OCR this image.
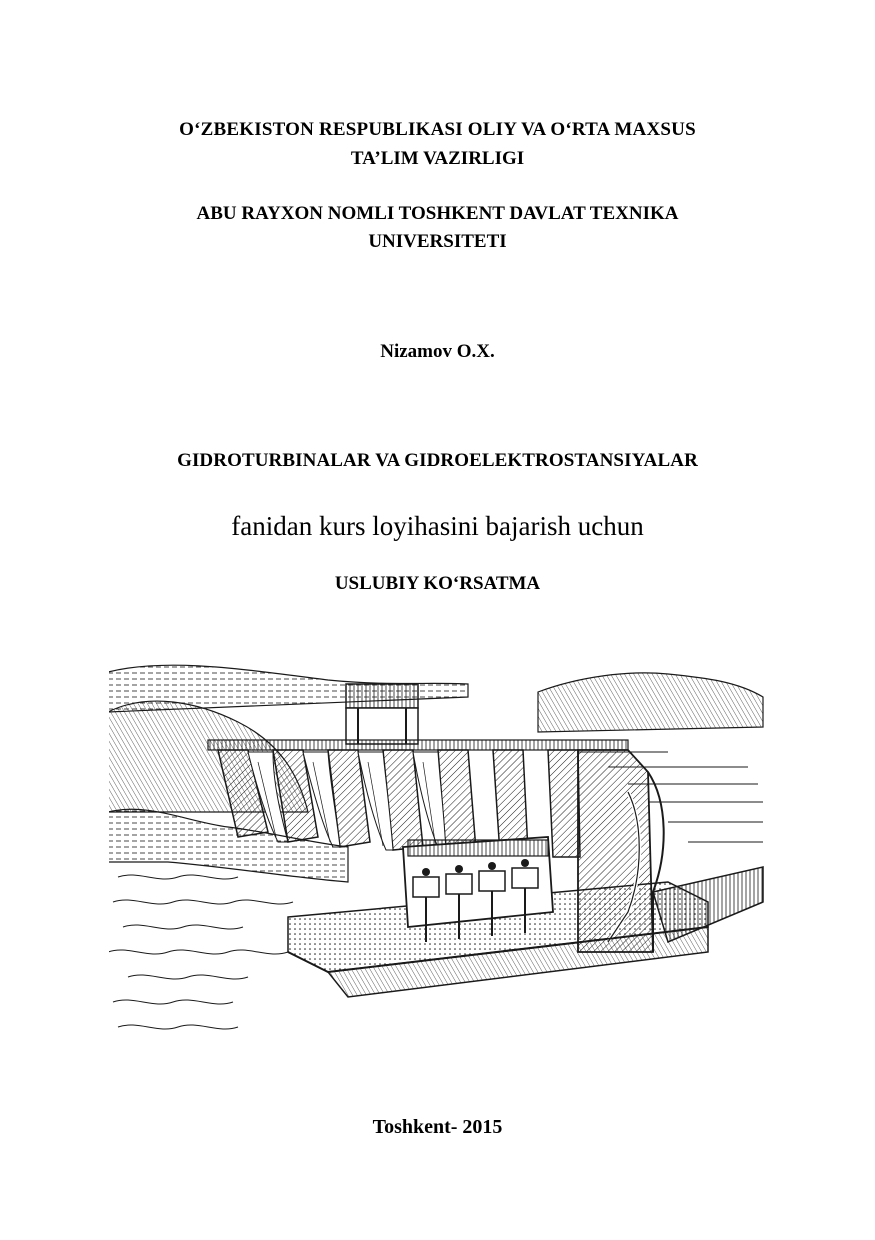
O‘ZBEKISTON RESPUBLIKASI OLIY VA O‘RTA MAXSUS
TA’LIM VAZIRLIGI
ABU RAYXON NOMLI TOSHKENT DAVLAT TEXNIKA
UNIVERSITETI
Nizamov O.X.
GIDROTURBINALAR VA GIDROELEKTROSTANSIYALAR
fanidan kurs loyihasini bajarish uchun
USLUBIY KO‘RSATMA
Toshkent- 2015
